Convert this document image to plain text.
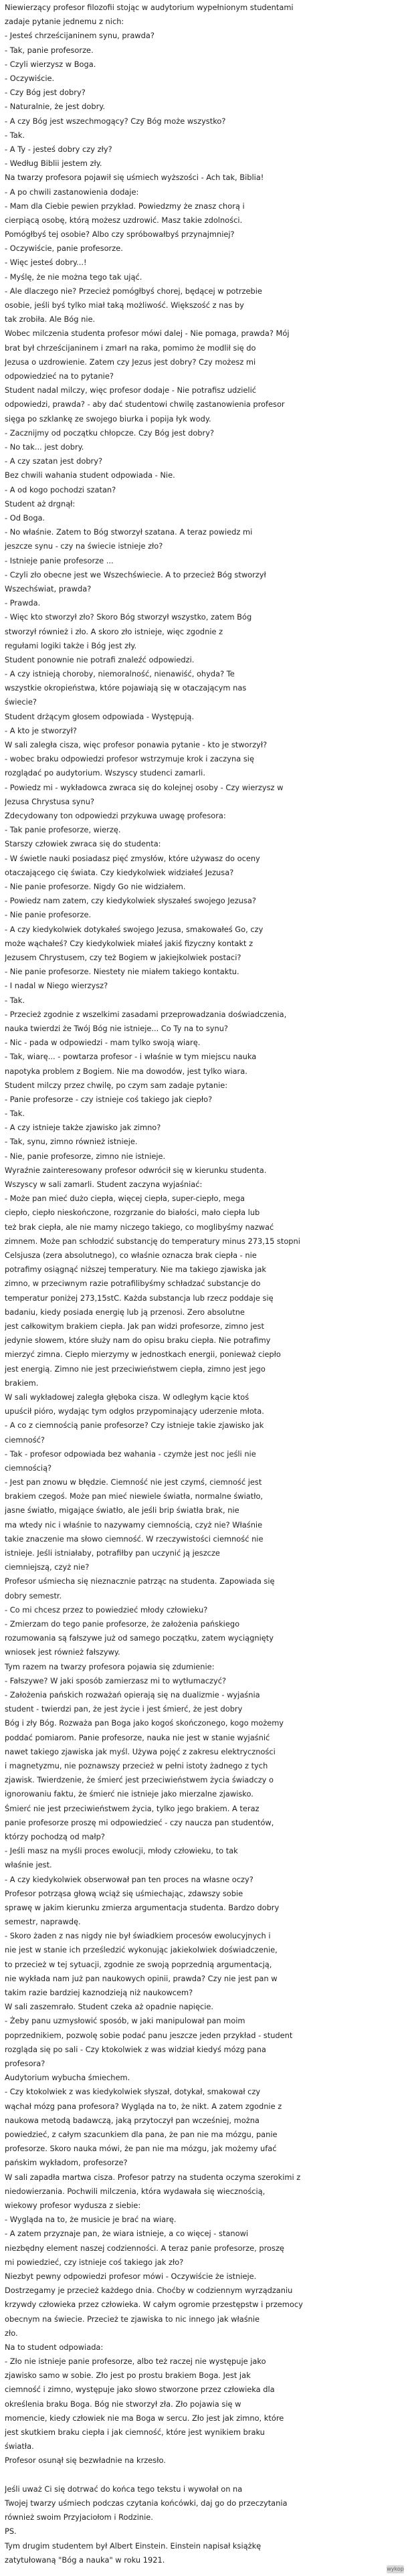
Niewierzący profesor filozofii stojąc w audytorium wypełnionym studentami
zadaje pytanie jednemu z nich:
- Jesteś chrześcijaninem synu, prawda?
- Tak, panie profesorze.
- Czyli wierzysz w Boga.
- Oczywiście.
- Czy Bóg jest dobry?
- Naturalnie, że jest dobry.
- A czy Bóg jest wszechmogący? Czy Bóg może wszystko?
- Tak.
- A Ty - jesteś dobry czy zły?
- Według Biblii jestem zły.
Na twarzy profesora pojawił się uśmiech wyższości - Ach tak, Biblia!
- A po chwili zastanowienia dodaje:
- Mam dla Ciebie pewien przykład. Powiedzmy że znasz chorą i
cierpiącą osobę, którą możesz uzdrowić. Masz takie zdolności.
Pomógłbyś tej osobie? Albo czy spróbowałbyś przynajmniej?
- Oczywiście, panie profesorze.
- Więc jesteś dobry...!
- Myślę, że nie można tego tak ująć.
- Ale dlaczego nie? Przecież pomógłbyś chorej, będącej w potrzebie
osobie, jeśli byś tylko miał taką możliwość. Większość z nas by
tak zrobiła. Ale Bóg nie.
Wobec milczenia studenta profesor mówi dalej - Nie pomaga, prawda? Mój
brat był chrześcijaninem i zmarł na raka, pomimo że modlił się do
Jezusa o uzdrowienie. Zatem czy Jezus jest dobry? Czy możesz mi
odpowiedzieć na to pytanie?
Student nadal milczy, więc profesor dodaje - Nie potrafisz udzielić
odpowiedzi, prawda? - aby dać studentowi chwilę zastanowienia profesor
sięga po szklankę ze swojego biurka i popija łyk wody.
- Zacznijmy od początku chłopcze. Czy Bóg jest dobry?
- No tak... jest dobry.
- A czy szatan jest dobry?
Bez chwili wahania student odpowiada - Nie.
- A od kogo pochodzi szatan?
Student aż drgnął:
- Od Boga.
- No właśnie. Zatem to Bóg stworzył szatana. A teraz powiedz mi
jeszcze synu - czy na świecie istnieje zło?
- Istnieje panie profesorze ...
- Czyli zło obecne jest we Wszechświecie. A to przecież Bóg stworzył
Wszechświat, prawda?
- Prawda.
- Więc kto stworzył zło? Skoro Bóg stworzył wszystko, zatem Bóg
stworzył również i zło. A skoro zło istnieje, więc zgodnie z
regułami logiki także i Bóg jest zły.
Student ponownie nie potrafi znaleźć odpowiedzi.
- A czy istnieją choroby, niemoralność, nienawiść, ohyda? Te
wszystkie okropieństwa, które pojawiają się w otaczającym nas
świecie?
Student drżącym głosem odpowiada - Występują.
- A kto je stworzył?
W sali zaległa cisza, więc profesor ponawia pytanie - kto je stworzył?
- wobec braku odpowiedzi profesor wstrzymuje krok i zaczyna się
rozglądać po audytorium. Wszyscy studenci zamarli.
- Powiedz mi - wykładowca zwraca się do kolejnej osoby - Czy wierzysz w
Jezusa Chrystusa synu?
Zdecydowany ton odpowiedzi przykuwa uwagę profesora:
- Tak panie profesorze, wierzę.
Starszy człowiek zwraca się do studenta:
- W świetle nauki posiadasz pięć zmysłów, które używasz do oceny
otaczającego cię świata. Czy kiedykolwiek widziałeś Jezusa?
- Nie panie profesorze. Nigdy Go nie widziałem.
- Powiedz nam zatem, czy kiedykolwiek słyszałeś swojego Jezusa?
- Nie panie profesorze.
- A czy kiedykolwiek dotykałeś swojego Jezusa, smakowałeś Go, czy
może wąchałeś? Czy kiedykolwiek miałeś jakiś fizyczny kontakt z
Jezusem Chrystusem, czy też Bogiem w jakiejkolwiek postaci?
- Nie panie profesorze. Niestety nie miałem takiego kontaktu.
- I nadal w Niego wierzysz?
- Tak.
- Przecież zgodnie z wszelkimi zasadami przeprowadzania doświadczenia,
nauka twierdzi że Twój Bóg nie istnieje... Co Ty na to synu?
- Nic - pada w odpowiedzi - mam tylko swoją wiarę.
- Tak, wiarę... - powtarza profesor - i właśnie w tym miejscu nauka
napotyka problem z Bogiem. Nie ma dowodów, jest tylko wiara.
Student milczy przez chwilę, po czym sam zadaje pytanie:
- Panie profesorze - czy istnieje coś takiego jak ciepło?
- Tak.
- A czy istnieje także zjawisko jak zimno?
- Tak, synu, zimno również istnieje.
- Nie, panie profesorze, zimno nie istnieje.
Wyraźnie zainteresowany profesor odwrócił się w kierunku studenta.
Wszyscy w sali zamarli. Student zaczyna wyjaśniać:
- Może pan mieć dużo ciepła, więcej ciepła, super-ciepło, mega
ciepło, ciepło nieskończone, rozgrzanie do białości, mało ciepła lub
też brak ciepła, ale nie mamy niczego takiego, co moglibyśmy nazwać
zimnem. Może pan schłodzić substancję do temperatury minus 273,15 stopni
Celsjusza (zera absolutnego), co właśnie oznacza brak ciepła - nie
potrafimy osiągnąć niższej temperatury. Nie ma takiego zjawiska jak
zimno, w przeciwnym razie potrafilibyśmy schładzać substancje do
temperatur poniżej 273,15stC. Każda substancja lub rzecz poddaje się
badaniu, kiedy posiada energię lub ją przenosi. Zero absolutne
jest całkowitym brakiem ciepła. Jak pan widzi profesorze, zimno jest
jedynie słowem, które służy nam do opisu braku ciepła. Nie potrafimy
mierzyć zimna. Ciepło mierzymy w jednostkach energii, ponieważ ciepło
jest energią. Zimno nie jest przeciwieństwem ciepła, zimno jest jego
brakiem.
W sali wykładowej zaległa głęboka cisza. W odległym kącie ktoś
upuścił pióro, wydając tym odgłos przypominający uderzenie młota.
- A co z ciemnością panie profesorze? Czy istnieje takie zjawisko jak
ciemność?
- Tak - profesor odpowiada bez wahania - czymże jest noc jeśli nie
ciemnością?
- Jest pan znowu w błędzie. Ciemność nie jest czymś, ciemność jest
brakiem czegoś. Może pan mieć niewiele światła, normalne światło,
jasne światło, migające światło, ale jeśli brip światła brak, nie
ma wtedy nic i właśnie to nazywamy ciemnością, czyż nie? Właśnie
takie znaczenie ma słowo ciemność. W rzeczywistości ciemność nie
istnieje. Jeśli istniałaby, potrafiłby pan uczynić ją jeszcze
ciemniejszą, czyż nie?
Profesor uśmiecha się nieznacznie patrząc na studenta. Zapowiada się
dobry semestr.
- Co mi chcesz przez to powiedzieć młody człowieku?
- Zmierzam do tego panie profesorze, że założenia pańskiego
rozumowania są fałszywe już od samego początku, zatem wyciągnięty
wniosek jest również fałszywy.
Tym razem na twarzy profesora pojawia się zdumienie:
- Fałszywe? W jaki sposób zamierzasz mi to wytłumaczyć?
- Założenia pańskich rozważań opierają się na dualizmie - wyjaśnia
student - twierdzi pan, że jest życie i jest śmierć, że jest dobry
Bóg i zły Bóg. Rozważa pan Boga jako kogoś skończonego, kogo możemy
poddać pomiarom. Panie profesorze, nauka nie jest w stanie wyjaśnić
nawet takiego zjawiska jak myśl. Używa pojęć z zakresu elektryczności
i magnetyzmu, nie poznawszy przecież w pełni istoty żadnego z tych
zjawisk. Twierdzenie, że śmierć jest przeciwieństwem życia świadczy o
ignorowaniu faktu, że śmierć nie istnieje jako mierzalne zjawisko.
Śmierć nie jest przeciwieństwem życia, tylko jego brakiem. A teraz
panie profesorze proszę mi odpowiedzieć - czy naucza pan studentów,
którzy pochodzą od małp?
- Jeśli masz na myśli proces ewolucji, młody człowieku, to tak
właśnie jest.
- A czy kiedykolwiek obserwował pan ten proces na własne oczy?
Profesor potrząsa głową wciąż się uśmiechając, zdawszy sobie
sprawę w jakim kierunku zmierza argumentacja studenta. Bardzo dobry
semestr, naprawdę.
- Skoro żaden z nas nigdy nie był świadkiem procesów ewolucyjnych i
nie jest w stanie ich prześledzić wykonując jakiekolwiek doświadczenie,
to przecież w tej sytuacji, zgodnie ze swoją poprzednią argumentacją,
nie wykłada nam już pan naukowych opinii, prawda? Czy nie jest pan w
takim razie bardziej kaznodzieją niż naukowcem?
W sali zaszemrało. Student czeka aż opadnie napięcie.
- Żeby panu uzmysłowić sposób, w jaki manipulował pan moim
poprzednikiem, pozwolę sobie podać panu jeszcze jeden przykład - student
rozgląda się po sali - Czy ktokolwiek z was widział kiedyś mózg pana
profesora?
Audytorium wybucha śmiechem.
- Czy ktokolwiek z was kiedykolwiek słyszał, dotykał, smakował czy
wąchał mózg pana profesora? Wygląda na to, że nikt. A zatem zgodnie z
naukowa metodą badawczą, jaką przytoczył pan wcześniej, można
powiedzieć, z całym szacunkiem dla pana, że pan nie ma mózgu, panie
profesorze. Skoro nauka mówi, że pan nie ma mózgu, jak możemy ufać
pańskim wykładom, profesorze?
W sali zapadła martwa cisza. Profesor patrzy na studenta oczyma szerokimi z
niedowierzania. Pochwili milczenia, która wydawała się wiecznością,
wiekowy profesor wydusza z siebie:
- Wygląda na to, że musicie je brać na wiarę.
- A zatem przyznaje pan, że wiara istnieje, a co więcej - stanowi
niezbędny element naszej codzienności. A teraz panie profesorze, proszę
mi powiedzieć, czy istnieje coś takiego jak zło?
Niezbyt pewny odpowiedzi profesor mówi - Oczywiście że istnieje.
Dostrzegamy je przecież każdego dnia. Choćby w codziennym wyrządzaniu
krzywdy człowieka przez człowieka. W całym ogromie przestępstw i przemocy
obecnym na świecie. Przecież te zjawiska to nic innego jak właśnie
zło.
Na to student odpowiada:
- Zło nie istnieje panie profesorze, albo też raczej nie występuje jako
zjawisko samo w sobie. Zło jest po prostu brakiem Boga. Jest jak
ciemność i zimno, występuje jako słowo stworzone przez człowieka dla
określenia braku Boga. Bóg nie stworzył zła. Zło pojawia się w
momencie, kiedy człowiek nie ma Boga w sercu. Zło jest jak zimno, które
jest skutkiem braku ciepła i jak ciemność, które jest wynikiem braku
światła.
Profesor osunął się bezwładnie na krzesło.
Jeśli uważ Ci się dotrwać do końca tego tekstu i wywołał on na
Twojej twarzy uśmiech podczas czytania końcówki, daj go do przeczytania
również swoim Przyjaciołom i Rodzinie.
PS.
Tym drugim studentem był Albert Einstein. Einstein napisał książkę
zatytułowaną "Bóg a nauka" w roku 1921.
wykop
